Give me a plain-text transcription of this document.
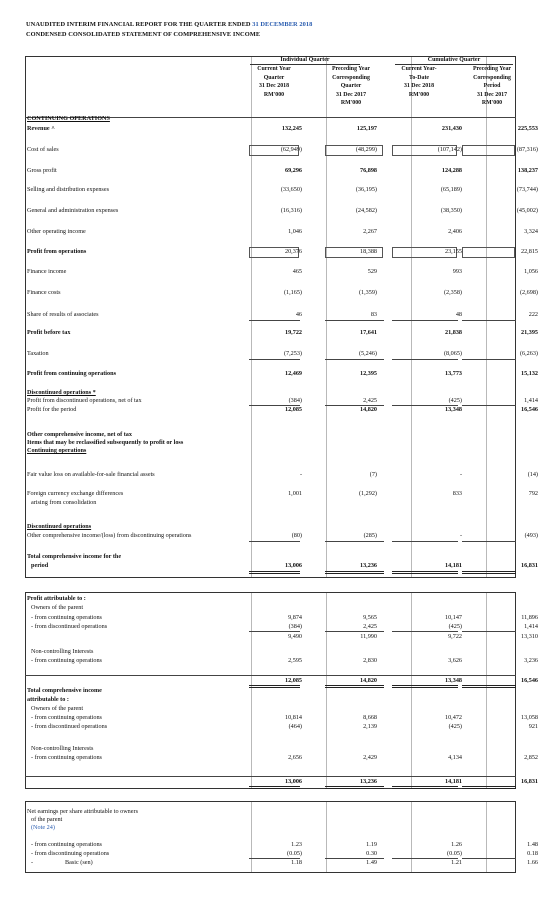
UNAUDITED INTERIM FINANCIAL REPORT FOR THE QUARTER ENDED 31 DECEMBER 2018
CONDENSED CONSOLIDATED STATEMENT OF COMPREHENSIVE INCOME
Individual Quarter	Cumulative Quarter
Current Year
Quarter
31 Dec 2018
RM'000
Preceding Year
Corresponding
Quarter
31 Dec 2017
RM'000
Current Year-
To-Date
31 Dec 2018
RM'000
Preceding Year
Corresponding
Period
31 Dec 2017
RM'000
CONTINUING OPERATIONS
Revenue ^	132,245	125,197	231,430	225,553
Cost of sales	(62,949)	(48,299)	(107,142)	(87,316)
Gross profit	69,296	76,898	124,288	138,237
Selling and distribution expenses	(33,650)	(36,195)	(65,189)	(73,744)
General and administration expenses	(16,316)	(24,582)	(38,350)	(45,002)
Other operating income	1,046	2,267	2,406	3,324
Profit from operations	20,376	18,388	23,155	22,815
Finance income	465	529	993	1,056
Finance costs	(1,165)	(1,359)	(2,358)	(2,698)
Share of results of associates	46	83	48	222
Profit before tax	19,722	17,641	21,838	21,395
Taxation	(7,253)	(5,246)	(8,065)	(6,263)
Profit from continuing operations	12,469	12,395	13,773	15,132
Discontinued operations *
Profit from discontinued operations, net of tax	(384)	2,425	(425)	1,414
Profit for the period	12,085	14,820	13,348	16,546
Other comprehensive income, net of tax
Items that may be reclassified subsequently to profit or loss
Continuing operations
Fair value loss on available-for-sale financial assets	-	(7)	-	(14)
Foreign currency exchange differences	1,001	(1,292)	833	792
arising from consolidation
Discontinued operations
Other comprehensive income/(loss) from discontinuing operations	(80)	(285)	-	(493)
Total comprehensive income for the
period	13,006	13,236	14,181	16,831
Profit attributable to :
Owners of the parent
- from continuing operations	9,874	9,565	10,147	11,896
- from discontinued operations	(384)	2,425	(425)	1,414
9,490	11,990	9,722	13,310
Non-controlling Interests
- from continuing operations	2,595	2,830	3,626	3,236
12,085	14,820	13,348	16,546
Total comprehensive income
attributable to :
Owners of the parent
- from continuing operations	10,814	8,668	10,472	13,058
- from discontinued operations	(464)	2,139	(425)	921
Non-controlling Interests
- from continuing operations	2,656	2,429	4,134	2,852
13,006	13,236	14,181	16,831
Net earnings per share attributable to owners
of the parent
(Note 24)
- from continuing operations	1.23	1.19	1.26	1.48
- from discontinuing operations	(0.05)	0.30	(0.05)	0.18
-	Basic (sen)	1.18	1.49	1.21	1.66
